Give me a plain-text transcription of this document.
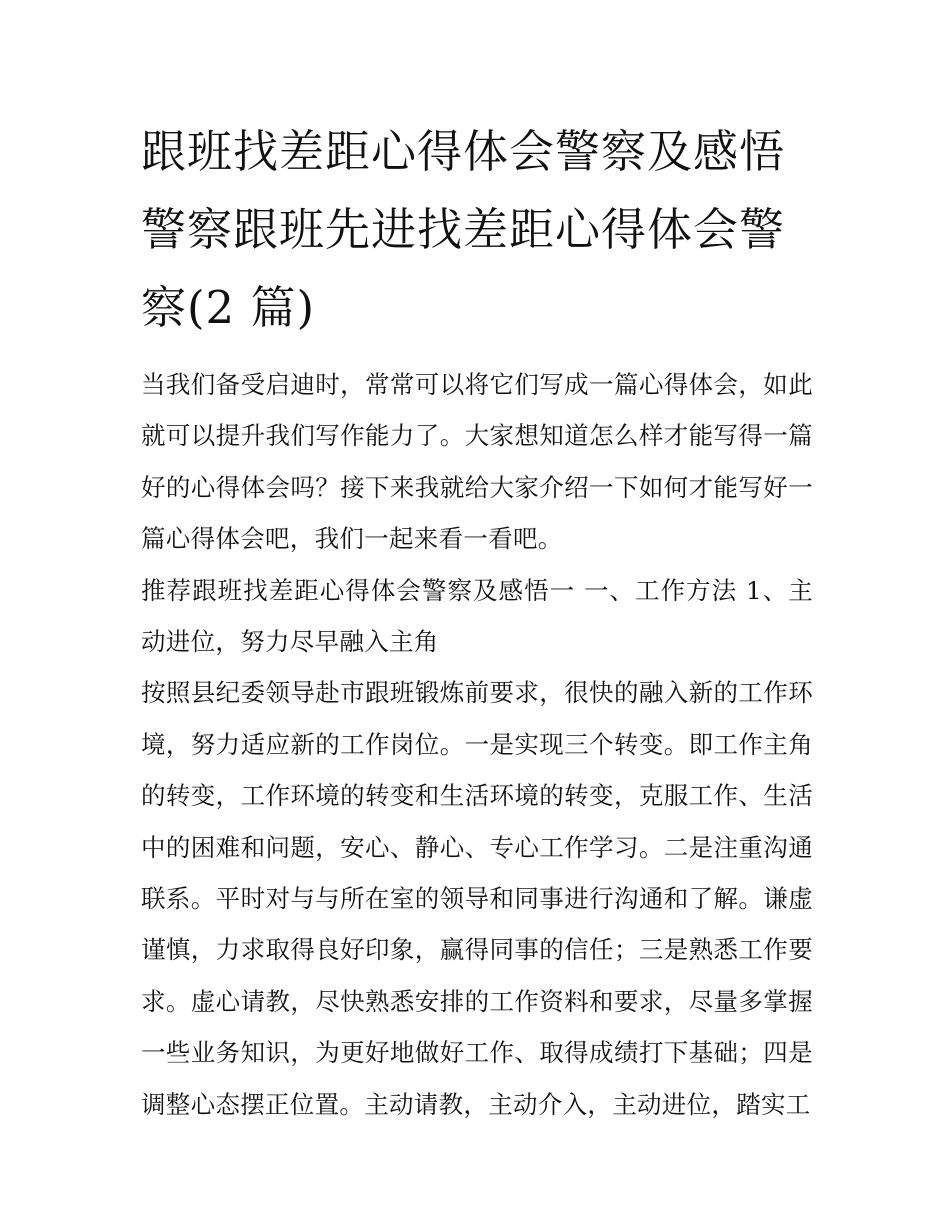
跟班找差距心得体会警察及感悟 警察跟班先进找差距心得体会警察(2 篇)

当我们备受启迪时，常常可以将它们写成一篇心得体会，如此就可以提升我们写作能力了。大家想知道怎么样才能写得一篇好的心得体会吗？接下来我就给大家介绍一下如何才能写好一篇心得体会吧，我们一起来看一看吧。

推荐跟班找差距心得体会警察及感悟一 一、工作方法 1、主动进位，努力尽早融入主角

按照县纪委领导赴市跟班锻炼前要求，很快的融入新的工作环境，努力适应新的工作岗位。一是实现三个转变。即工作主角的转变，工作环境的转变和生活环境的转变，克服工作、生活中的困难和问题，安心、静心、专心工作学习。二是注重沟通联系。平时对与与所在室的领导和同事进行沟通和了解。谦虚谨慎，力求取得良好印象，赢得同事的信任；三是熟悉工作要求。虚心请教，尽快熟悉安排的工作资料和要求，尽量多掌握一些业务知识，为更好地做好工作、取得成绩打下基础；四是调整心态摆正位置。主动请教，主动介入，主动进位，踏实工
